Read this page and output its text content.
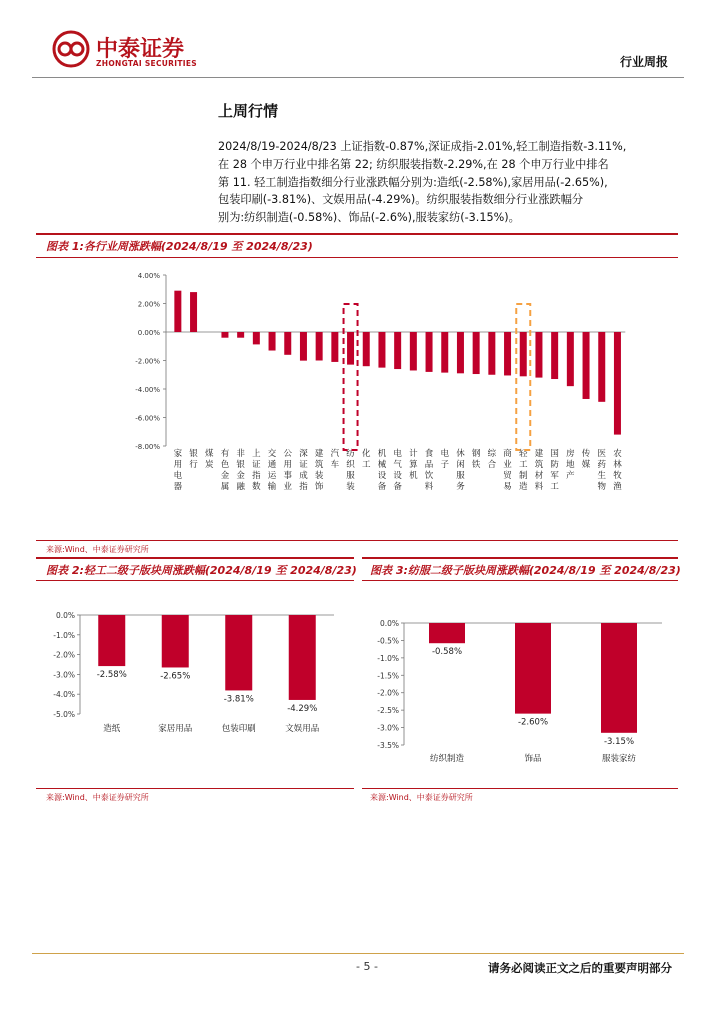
中泰证券
ZHONGTAI SECURITIES	行业周报
上周行情
2024/8/19-2024/8/23 上证指数-0.87%,深证成指-2.01%,轻工制造指数-3.11%,
在 28 个申万行业中排名第 22; 纺织服装指数-2.29%,在 28 个申万行业中排名
第 11. 轻工制造指数细分行业涨跌幅分别为:造纸(-2.58%),家居用品(-2.65%),
包装印刷(-3.81%)、文娱用品(-4.29%)。纺织服装指数细分行业涨跌幅分
别为:纺织制造(-0.58%)、饰品(-2.6%),服装家纺(-3.15%)。
图表 1:各行业周涨跌幅(2024/8/19 至 2024/8/23)
4.00%
2.00%
0.00%
-2.00%
-4.00%
-6.00%
-8.00%
家
用
电
器
银
行
煤
炭
有
色
金
属
非
银
金
融
上
证
指
数
交
通
运
输
公
用
事
业
深
证
成
指
建
筑
装
饰
汽
车
纺
织
服
装
化
工
机
械
设
备
电
气
设
备
计
算
机
食
品
饮
料
电
子
休
闲
服
务
钢
铁
综
合
商
业
贸
易
轻
工
制
造
建
筑
材
料
国
防
军
工
房
地
产
传
媒
医
药
生
物
农
林
牧
渔
来源:Wind、中泰证券研究所
图表 2:轻工二级子版块周涨跌幅(2024/8/19 至 2024/8/23)
0.0%
-1.0%
-2.0%
-3.0%
-4.0%
-5.0%
-2.58%
造纸
-2.65%
家居用品
-3.81%
包装印刷
-4.29%
文娱用品
来源:Wind、中泰证券研究所
图表 3:纺服二级子版块周涨跌幅(2024/8/19 至 2024/8/23)
0.0%
-0.5%
-1.0%
-1.5%
-2.0%
-2.5%
-3.0%
-3.5%
-0.58%
纺织制造
-2.60%
饰品
-3.15%
服装家纺
来源:Wind、中泰证券研究所
- 5 -	请务必阅读正文之后的重要声明部分
